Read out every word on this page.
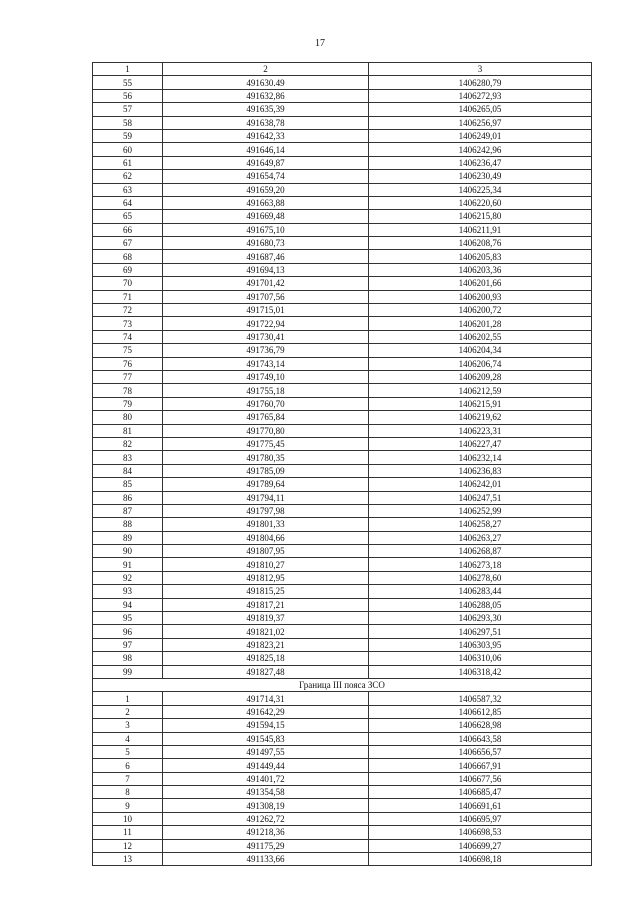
17
1	2	3
55	491630.49	1406280,79
56	491632,86	1406272,93
57	491635,39	1406265,05
58	491638,78	1406256,97
59	491642,33	1406249,01
60	491646,14	1406242,96
61	491649,87	1406236,47
62	491654,74	1406230,49
63	491659,20	1406225,34
64	491663,88	1406220,60
65	491669,48	1406215,80
66	491675,10	1406211,91
67	491680,73	1406208,76
68	491687,46	1406205,83
69	491694,13	1406203,36
70	491701,42	1406201,66
71	491707,56	1406200,93
72	491715,01	1406200,72
73	491722,94	1406201,28
74	491730,41	1406202,55
75	491736,79	1406204,34
76	491743,14	1406206,74
77	491749,10	1406209,28
78	491755,18	1406212,59
79	491760,70	1406215,91
80	491765,84	1406219,62
81	491770,80	1406223,31
82	491775,45	1406227,47
83	491780,35	1406232,14
84	491785,09	1406236,83
85	491789,64	1406242,01
86	491794,11	1406247,51
87	491797,98	1406252,99
88	491801,33	1406258,27
89	491804,66	1406263,27
90	491807,95	1406268,87
91	491810,27	1406273,18
92	491812,95	1406278,60
93	491815,25	1406283,44
94	491817,21	1406288,05
95	491819,37	1406293,30
96	491821,02	1406297,51
97	491823,21	1406303,95
98	491825,18	1406310,06
99	491827,48	1406318,42
Граница III пояса ЗСО		
1	491714,31	1406587,32
2	491642,29	1406612,85
3	491594,15	1406628,98
4	491545,83	1406643,58
5	491497,55	1406656,57
6	491449,44	1406667,91
7	491401,72	1406677,56
8	491354,58	1406685,47
9	491308,19	1406691,61
10	491262,72	1406695,97
11	491218,36	1406698,53
12	491175,29	1406699,27
13	491133,66	1406698,18
